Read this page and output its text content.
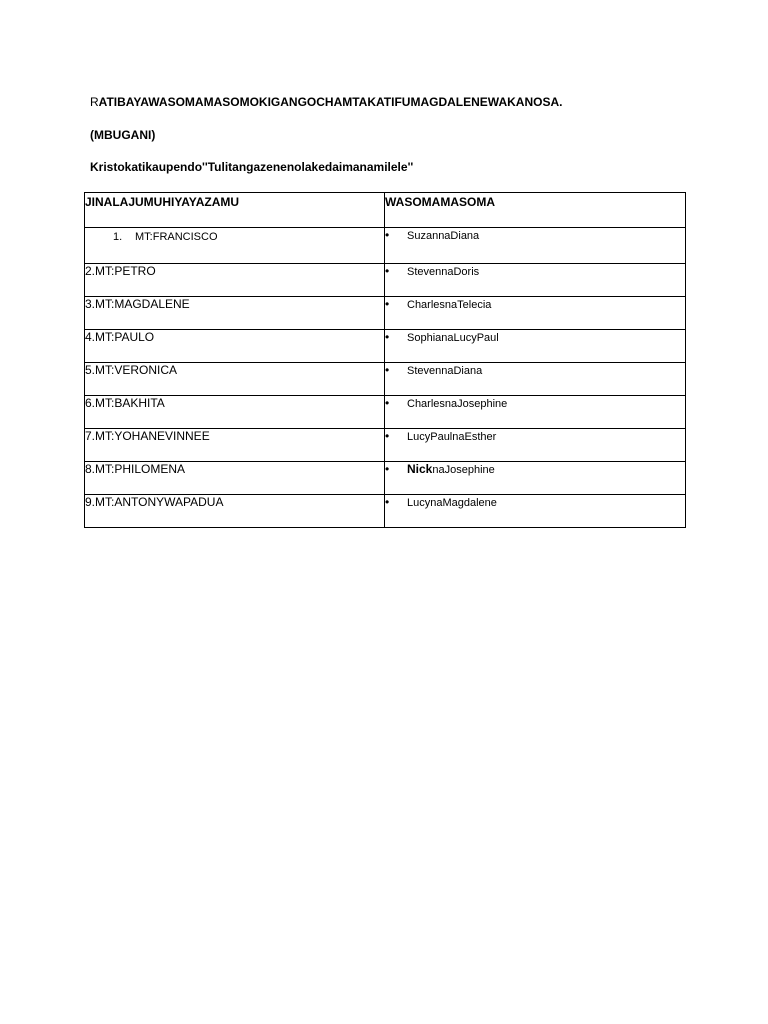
RATIBAYAWASOMAMASOMOKIGANGOCHAMTAKATIFUMAGDALENEWAKANOSA.
(MBUGANI)
Kristokatikaupendo''Tulitangazenenolakedaimanamilele''
JINALAJUMUHIYAYAZAMU	WASOMAMASOMA
1. MT:FRANCISCO	• SuzannaDiana
2.MT:PETRO	• StevennaDoris
3.MT:MAGDALENE	• CharlesnaTelecia
4.MT:PAULO	• SophianaLucyPaul
5.MT:VERONICA	• StevennaDiana
6.MT:BAKHITA	• CharlesnaJosephine
7.MT:YOHANEVINNEE	• LucyPaulnaEsther
8.MT:PHILOMENA	• NicknaJosephine
9.MT:ANTONYWAPADUA	• LucynaMagdalene
